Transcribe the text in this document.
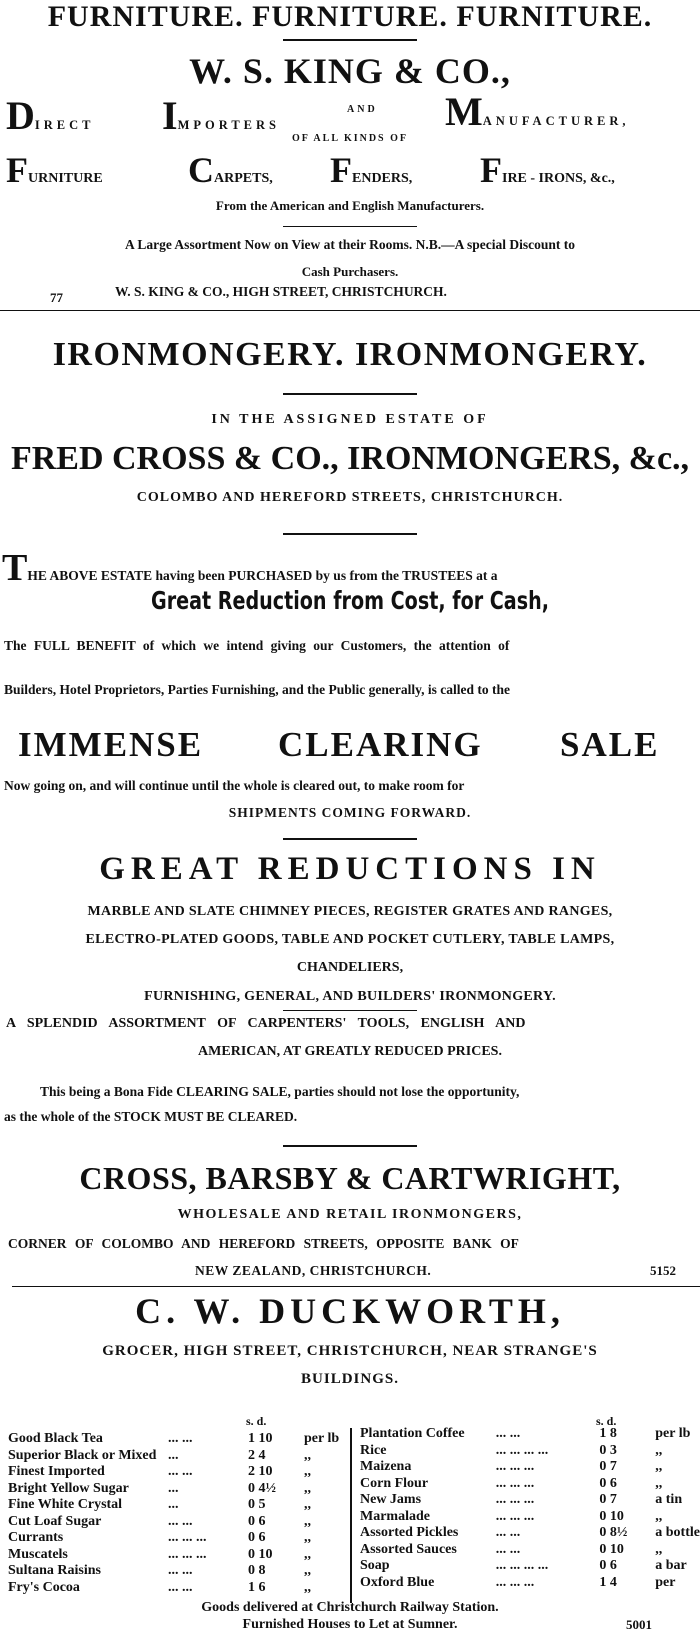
FURNITURE. FURNITURE. FURNITURE.
W. S. KING & CO.,
DIRECT IMPORTERS
AND MANUFACTURER,
OF ALL KINDS OF
FURNITURE CARPETS, FENDERS, FIRE - IRONS, &c.,
From the American and English Manufacturers.
A Large Assortment Now on View at their Rooms. N.B.—A special Discount to
Cash Purchasers.
77	W. S. KING & CO., HIGH STREET, CHRISTCHURCH.
IRONMONGERY. IRONMONGERY.
IN THE ASSIGNED ESTATE OF
FRED CROSS & CO., IRONMONGERS, &c.,
COLOMBO AND HEREFORD STREETS, CHRISTCHURCH.
THE ABOVE ESTATE having been PURCHASED by us from the TRUSTEES at a
Great Reduction from Cost, for Cash,
The FULL BENEFIT of which we intend giving our Customers, the attention of
Builders, Hotel Proprietors, Parties Furnishing, and the Public generally, is called to the
IMMENSE CLEARING SALE
Now going on, and will continue until the whole is cleared out, to make room for
SHIPMENTS COMING FORWARD.
GREAT REDUCTIONS IN
MARBLE AND SLATE CHIMNEY PIECES, REGISTER GRATES AND RANGES,
ELECTRO-PLATED GOODS, TABLE AND POCKET CUTLERY, TABLE LAMPS,
CHANDELIERS,
FURNISHING, GENERAL, AND BUILDERS' IRONMONGERY.
A SPLENDID ASSORTMENT OF CARPENTERS' TOOLS, ENGLISH AND
AMERICAN, AT GREATLY REDUCED PRICES.
This being a Bona Fide CLEARING SALE, parties should not lose the opportunity,
as the whole of the STOCK MUST BE CLEARED.
CROSS, BARSBY & CARTWRIGHT,
WHOLESALE AND RETAIL IRONMONGERS,
CORNER OF COLOMBO AND HEREFORD STREETS, OPPOSITE BANK OF
NEW ZEALAND, CHRISTCHURCH.	5152
C. W. DUCKWORTH,
GROCER, HIGH STREET, CHRISTCHURCH, NEAR STRANGE'S
BUILDINGS.
s. d.	s. d.
Good Black Tea	... ...	1 10	per lb
Superior Black or Mixed	...	2 4	,,
Finest Imported	... ...	2 10	,,
Bright Yellow Sugar	...	0 4½	,,
Fine White Crystal	...	0 5	,,
Cut Loaf Sugar	... ...	0 6	,,
Currants	... ... ...	0 6	,,
Muscatels	... ... ...	0 10	,,
Sultana Raisins	... ...	0 8	,,
Fry's Cocoa	... ...	1 6	,,
Plantation Coffee	... ...	1 8	per lb
Rice	... ... ... ...	0 3	,,
Maizena	... ... ...	0 7	,,
Corn Flour	... ... ...	0 6	,,
New Jams	... ... ...	0 7	a tin
Marmalade	... ... ...	0 10	,,
Assorted Pickles	... ...	0 8½	a bottle
Assorted Sauces	... ...	0 10	,,
Soap	... ... ... ...	0 6	a bar
Oxford Blue	... ... ...	1 4	per
Goods delivered at Christchurch Railway Station.
Furnished Houses to Let at Sumner.	5001
